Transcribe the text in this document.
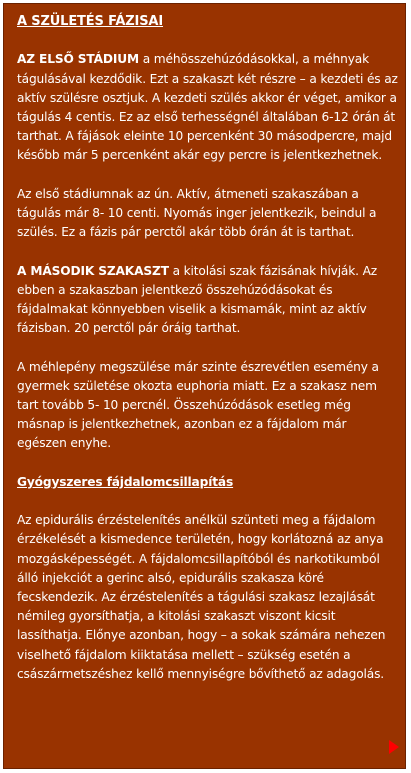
A SZÜLETÉS FÁZISAI

AZ ELSŐ STÁDIUM a méhösszehúzódásokkal, a méhnyak tágulásával kezdődik. Ezt a szakaszt két részre – a kezdeti és az aktív szülésre osztjuk. A kezdeti szülés akkor ér véget, amikor a tágulás 4 centis. Ez az első terhességnél általában 6-12 órán át tarthat. A fájások eleinte 10 percenként 30 másodpercre, majd később már 5 percenként akár egy percre is jelentkezhetnek.

Az első stádiumnak az ún. Aktív, átmeneti szakaszában a tágulás már 8- 10 centi. Nyomás inger jelentkezik, beindul a szülés. Ez a fázis pár perctől akár több órán át is tarthat.

A MÁSODIK SZAKASZT a kitolási szak fázisának hívják. Az ebben a szakaszban jelentkező összehúzódásokat és fájdalmakat könnyebben viselik a kismamák, mint az aktív fázisban. 20 perctől pár óráig tarthat.

A méhlepény megszülése már szinte észrevétlen esemény a gyermek születése okozta euphoria miatt. Ez a szakasz nem tart tovább 5- 10 percnél. Összehúzódások esetleg még másnap is jelentkezhetnek, azonban ez a fájdalom már egészen enyhe.

Gyógyszeres fájdalomcsillapítás

Az epidurális érzéstelenítés anélkül szünteti meg a fájdalom érzékelését a kismedence területén, hogy korlátozná az anya mozgásképességét. A fájdalomcsillapítóból és narkotikumból álló injekciót a gerinc alsó, epidurális szakasza köré fecskendezik. Az érzéstelenítés a tágulási szakasz lezajlását némileg gyorsíthatja, a kitolási szakaszt viszont kicsit lassíthatja. Előnye azonban, hogy – a sokak számára nehezen viselhető fájdalom kiiktatása mellett – szükség esetén a császármetszéshez kellő mennyiségre bővíthető az adagolás.
